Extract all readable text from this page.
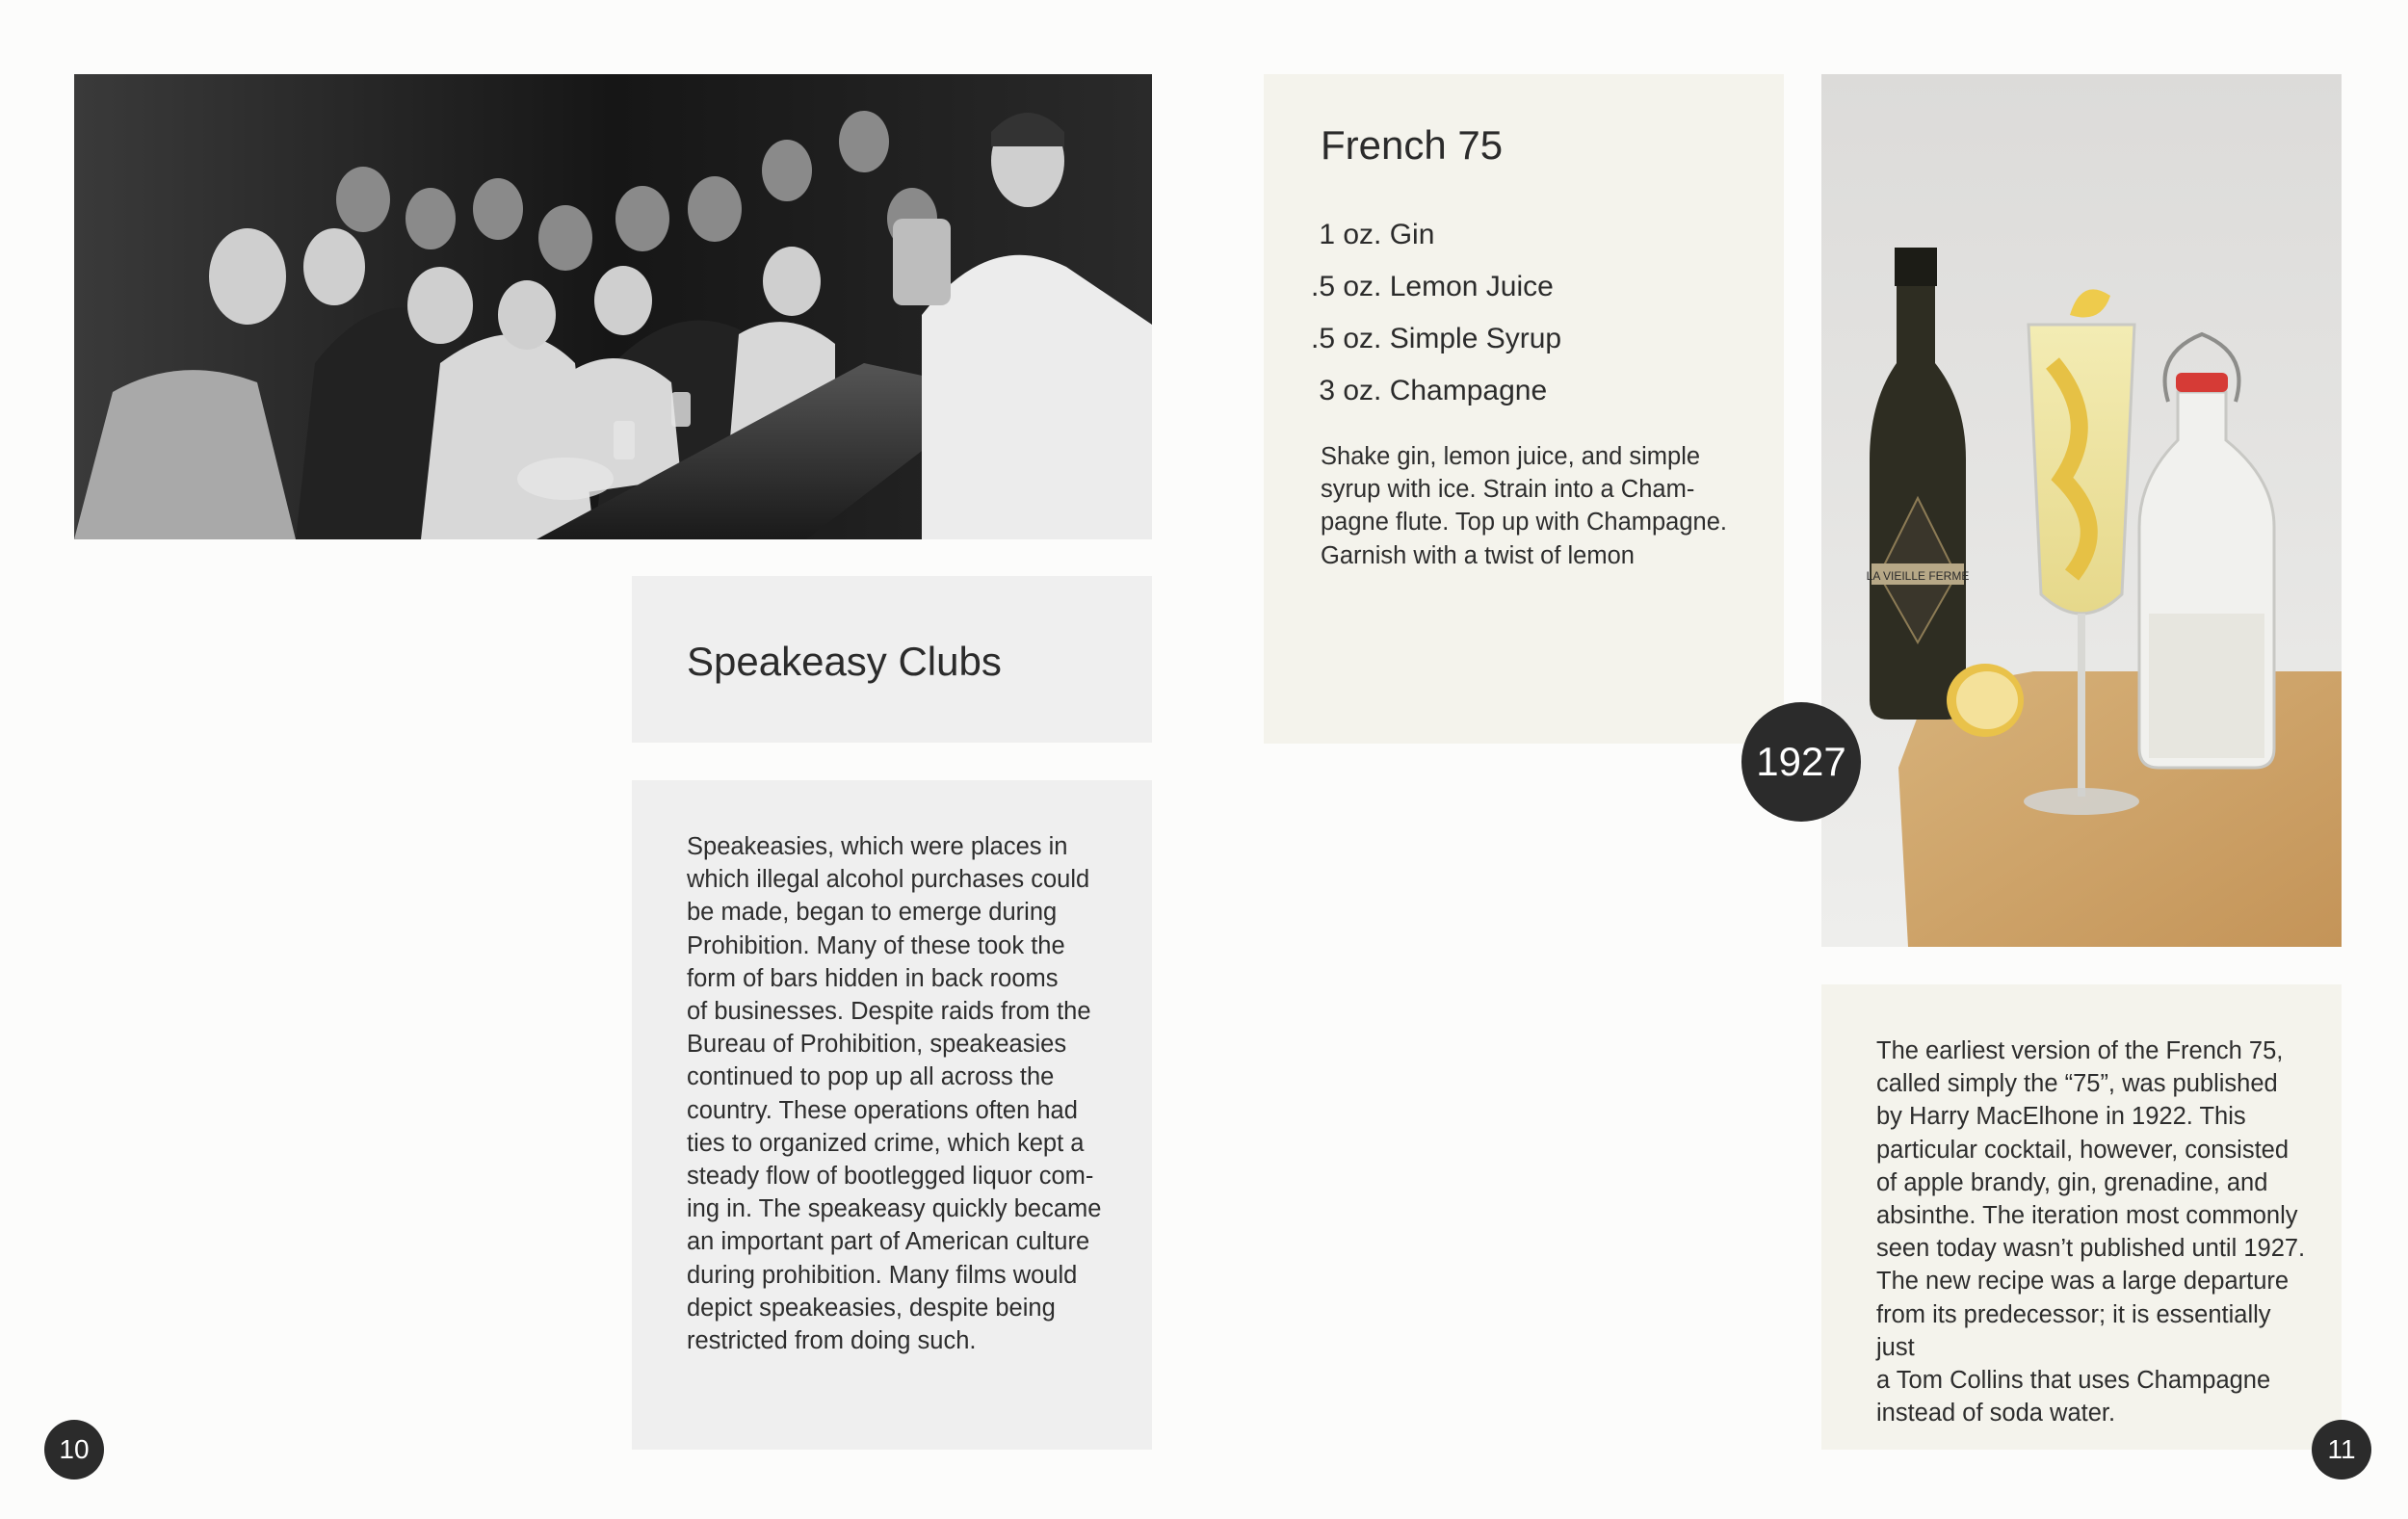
Speakeasy Clubs
Speakeasies, which were places in
which illegal alcohol purchases could
be made, began to emerge during
Prohibition. Many of these took the
form of bars hidden in back rooms
of businesses. Despite raids from the
Bureau of Prohibition, speakeasies
continued to pop up all across the
country. These operations often had
ties to organized crime, which kept a
steady flow of bootlegged liquor com-
ing in. The speakeasy quickly became
an important part of American culture
during prohibition. Many films would
depict speakeasies, despite being
restricted from doing such.
10
French 75
1 oz. Gin
.5 oz. Lemon Juice
.5 oz. Simple Syrup
3 oz. Champagne
Shake gin, lemon juice, and simple
syrup with ice. Strain into a Cham-
pagne flute. Top up with Champagne.
Garnish with a twist of lemon
LA VIEILLE FERME
1927
The earliest version of the French 75,
called simply the “75”, was published
by Harry MacElhone in 1922. This
particular cocktail, however, consisted
of apple brandy, gin, grenadine, and
absinthe. The iteration most commonly
seen today wasn’t published until 1927.
The new recipe was a large departure
from its predecessor; it is essentially just
a Tom Collins that uses Champagne
instead of soda water.
11
